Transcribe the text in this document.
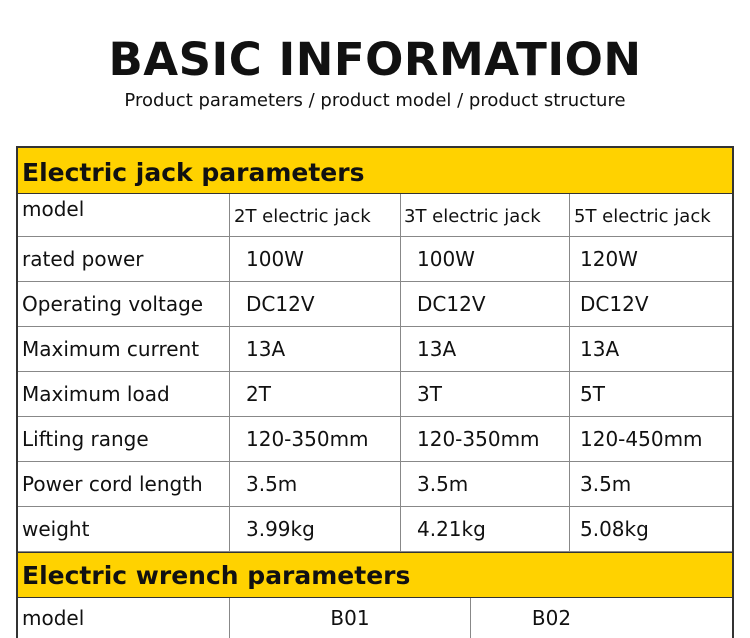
BASIC INFORMATION
Product parameters / product model / product structure
Electric jack parameters
model	2T electric jack	3T electric jack	5T electric jack
rated power	100W	100W	120W
Operating voltage	DC12V	DC12V	DC12V
Maximum current	13A	13A	13A
Maximum load	2T	3T	5T
Lifting range	120-350mm	120-350mm	120-450mm
Power cord length	3.5m	3.5m	3.5m
weight	3.99kg	4.21kg	5.08kg
Electric wrench parameters
model	B01	B02
